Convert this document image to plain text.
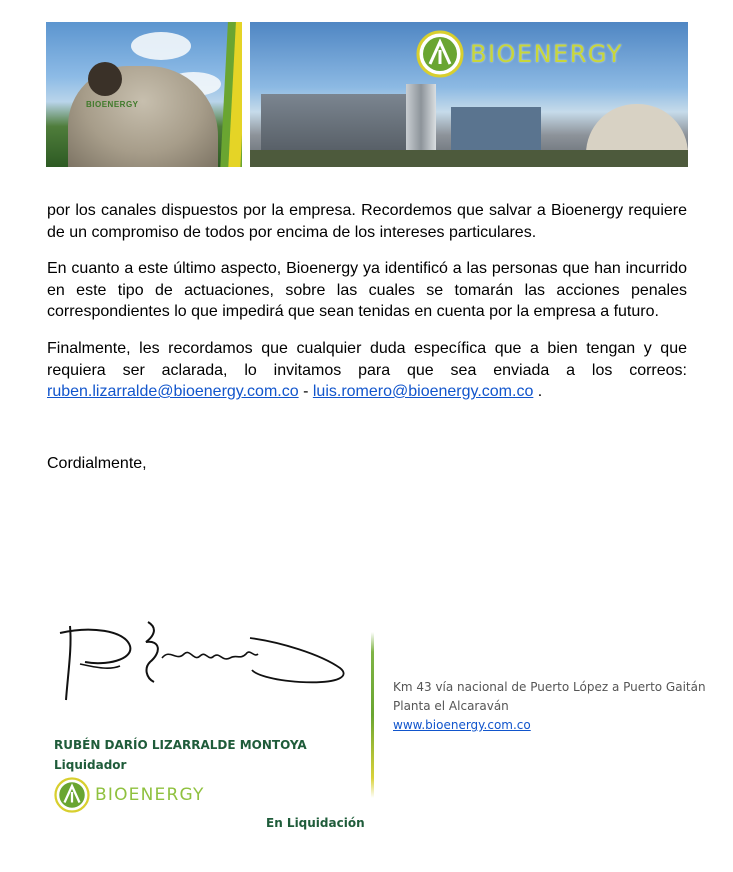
BIOENERGY
BIOENERGY

por los canales dispuestos por la empresa. Recordemos que salvar a Bioenergy requiere de un compromiso de todos por encima de los intereses particulares.

En cuanto a este último aspecto, Bioenergy ya identificó a las personas que han incurrido en este tipo de actuaciones, sobre las cuales se tomarán las acciones penales correspondientes lo que impedirá que sean tenidas en cuenta por la empresa a futuro.

Finalmente, les recordamos que cualquier duda específica que a bien tengan y que requiera ser aclarada, lo invitamos para que sea enviada a los correos: ruben.lizarralde@bioenergy.com.co - luis.romero@bioenergy.com.co .

Cordialmente,
RUBÉN DARÍO LIZARRALDE MONTOYA
Liquidador
BIOENERGY
En Liquidación
Km 43 vía nacional de Puerto López a Puerto Gaitán
Planta el Alcaraván
www.bioenergy.com.co
